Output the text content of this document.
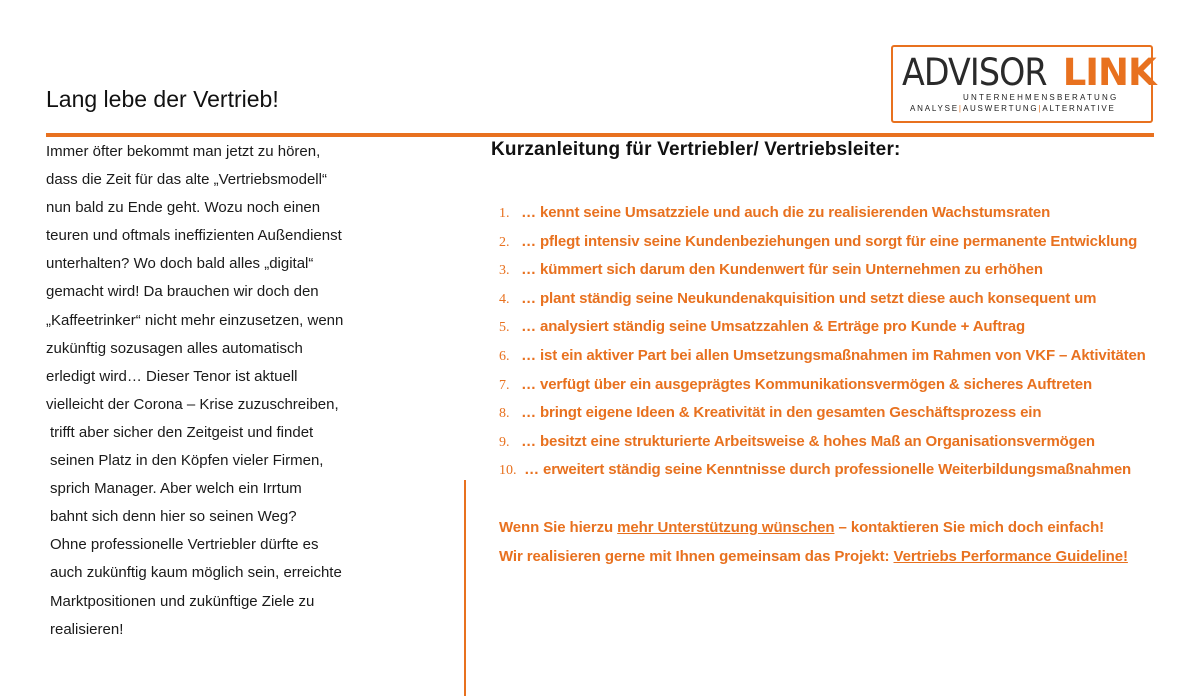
Lang lebe der Vertrieb!
ADVISOR LINK
UNTERNEHMENSBERATUNG
ANALYSE|AUSWERTUNG|ALTERNATIVE
Immer öfter bekommt man jetzt zu hören,
dass die Zeit für das alte „Vertriebsmodell“
nun bald zu Ende geht. Wozu noch einen
teuren und oftmals ineffizienten Außendienst
unterhalten? Wo doch bald alles „digital“
gemacht wird! Da brauchen wir doch den
„Kaffeetrinker“ nicht mehr einzusetzen, wenn
zukünftig sozusagen alles automatisch
erledigt wird… Dieser Tenor ist aktuell
vielleicht der Corona – Krise zuzuschreiben,
trifft aber sicher den Zeitgeist und findet
seinen Platz in den Köpfen vieler Firmen,
sprich Manager. Aber welch ein Irrtum
bahnt sich denn hier so seinen Weg?
Ohne professionelle Vertriebler dürfte es
auch zukünftig kaum möglich sein, erreichte
Marktpositionen und zukünftige Ziele zu
realisieren!
Kurzanleitung für Vertriebler/ Vertriebsleiter:
1. … kennt seine Umsatzziele und auch die zu realisierenden Wachstumsraten
2. … pflegt intensiv seine Kundenbeziehungen und sorgt für eine permanente Entwicklung
3. … kümmert sich darum den Kundenwert für sein Unternehmen zu erhöhen
4. … plant ständig seine Neukundenakquisition und setzt diese auch konsequent um
5. … analysiert ständig seine Umsatzzahlen & Erträge pro Kunde + Auftrag
6. … ist ein aktiver Part bei allen Umsetzungsmaßnahmen im Rahmen von VKF – Aktivitäten
7. … verfügt über ein ausgeprägtes Kommunikationsvermögen & sicheres Auftreten
8. … bringt eigene Ideen & Kreativität in den gesamten Geschäftsprozess ein
9. … besitzt eine strukturierte Arbeitsweise & hohes Maß an Organisationsvermögen
10. … erweitert ständig seine Kenntnisse durch professionelle Weiterbildungsmaßnahmen
Wenn Sie hierzu mehr Unterstützung wünschen – kontaktieren Sie mich doch einfach!
Wir realisieren gerne mit Ihnen gemeinsam das Projekt: Vertriebs Performance Guideline!
